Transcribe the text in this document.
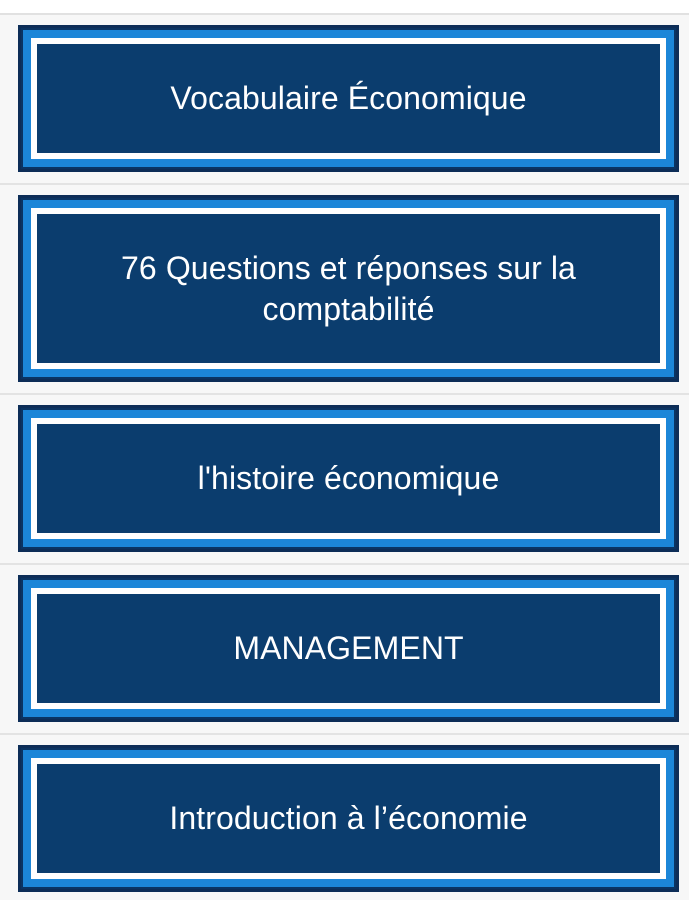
Vocabulaire Économique
76 Questions et réponses sur la comptabilité
l'histoire économique
MANAGEMENT
Introduction à l’économie
